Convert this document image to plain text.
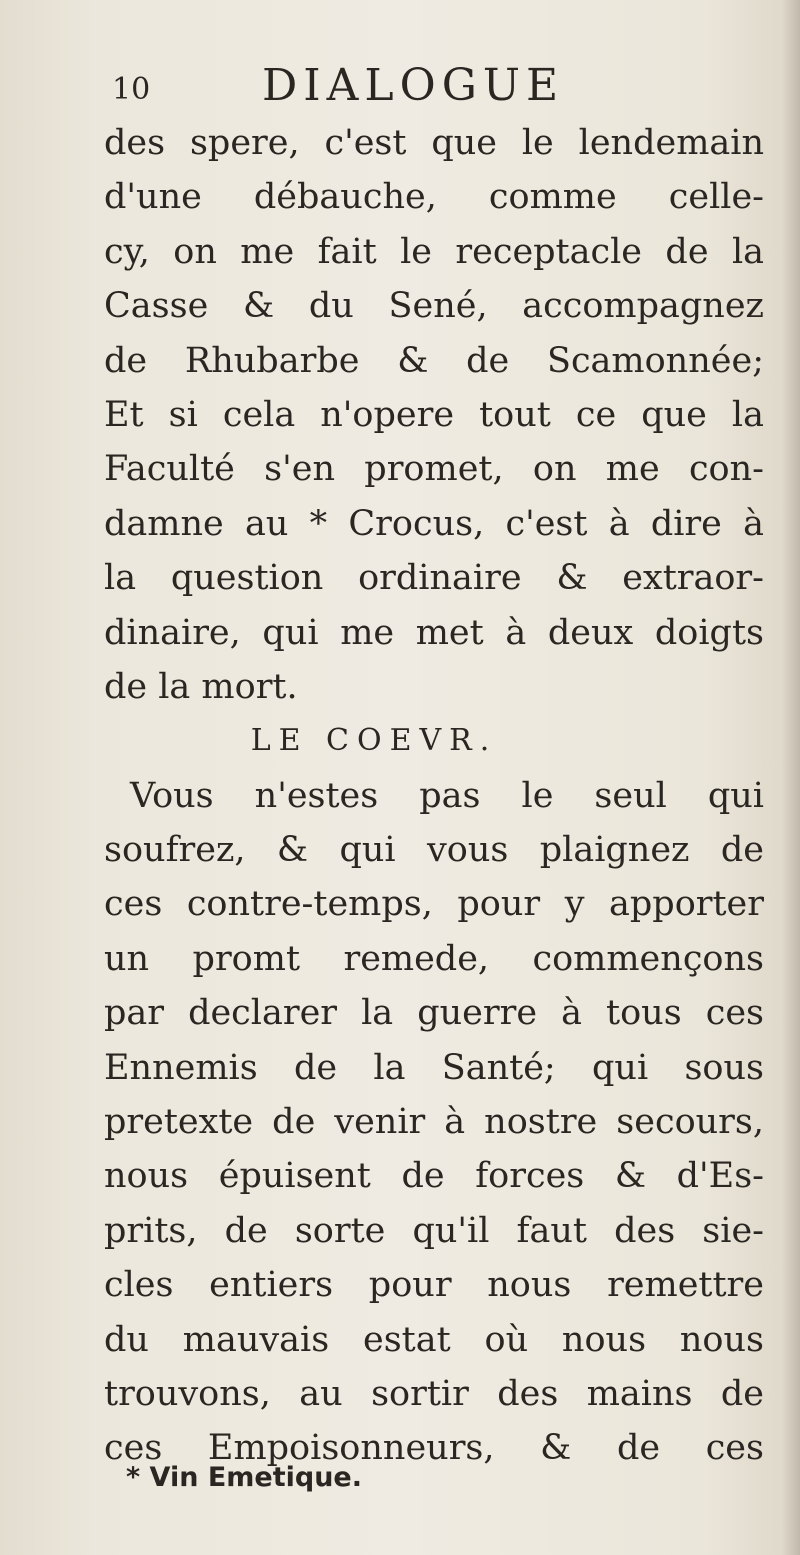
10	DIALOGUE
des spere, c'est que le lendemain
d'une débauche, comme celle-
cy, on me fait le receptacle de la
Casse & du Sené, accompagnez
de Rhubarbe & de Scamonnée;
Et si cela n'opere tout ce que la
Faculté s'en promet, on me con-
damne au * Crocus, c'est à dire à
la question ordinaire & extraor-
dinaire, qui me met à deux doigts
de la mort.
LE COEVR.
Vous n'estes pas le seul qui
soufrez, & qui vous plaignez de
ces contre-temps, pour y apporter
un promt remede, commençons
par declarer la guerre à tous ces
Ennemis de la Santé; qui sous
pretexte de venir à nostre secours,
nous épuisent de forces & d'Es-
prits, de sorte qu'il faut des sie-
cles entiers pour nous remettre
du mauvais estat où nous nous
trouvons, au sortir des mains de
ces Empoisonneurs, & de ces
* Vin Emetique.
